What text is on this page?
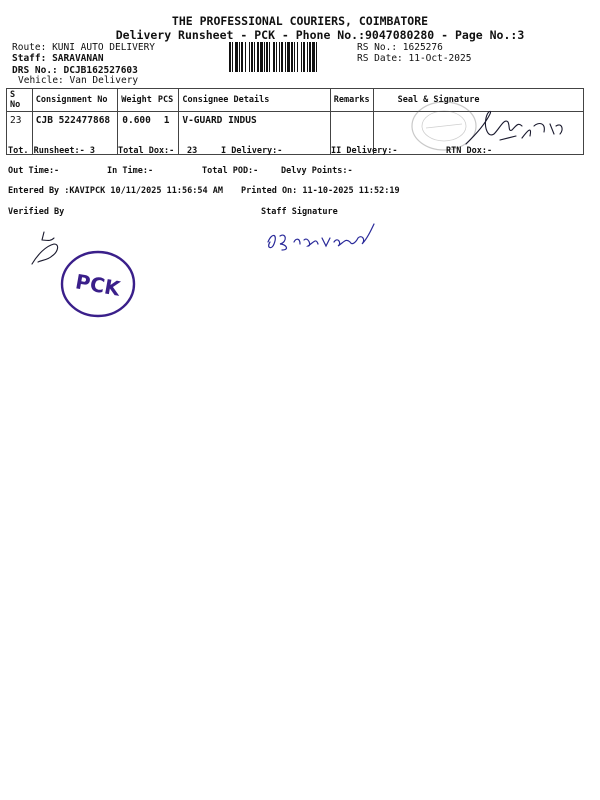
THE PROFESSIONAL COURIERS, COIMBATORE
Delivery Runsheet - PCK - Phone No.:9047080280 - Page No.:3
Route: KUNI AUTO DELIVERY
Staff: SARAVANAN
DRS No.: DCJB162527603
Vehicle: Van Delivery
RS No.: 1625276
RS Date: 11-Oct-2025
S No	Consignment No	Weight	PCS	Consignee Details	Remarks	Seal & Signature
23	CJB 522477868	0.600	1	V-GUARD INDUS		
Tot. Runsheet:- 3	Total Dox:- 23	I Delivery:-	II Delivery:-	RTN Dox:-
Out Time:-	In Time:-	Total POD:-	Delvy Points:-
Entered By :KAVIPCK 10/11/2025 11:56:54 AM Printed On: 11-10-2025 11:52:19
Verified By	Staff Signature
PCK
